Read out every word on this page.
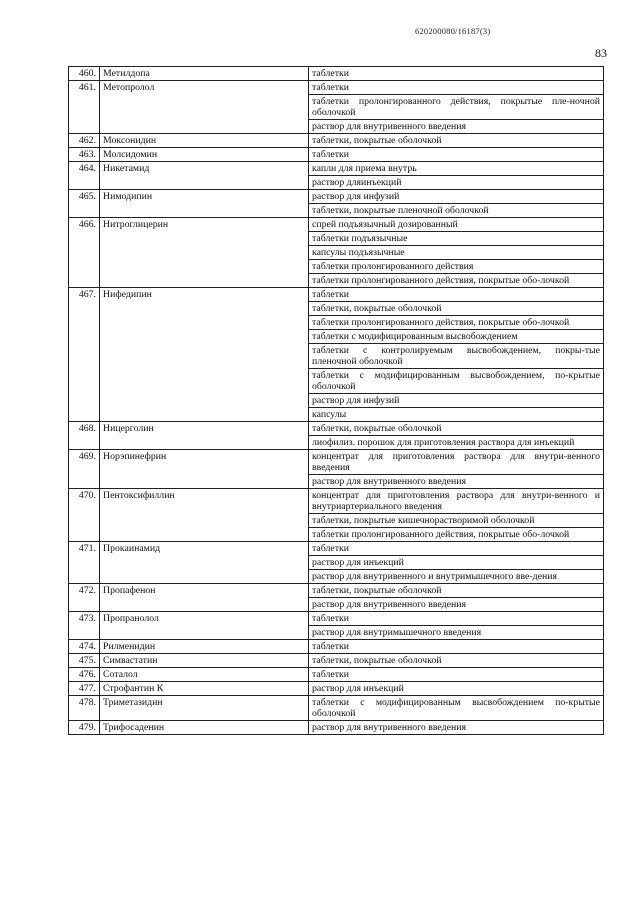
620200080/16187(3)
83
460.	Метилдопа	таблетки
461.	Метопролол	таблетки
		таблетки пролонгированного действия, покрытые пле-ночной оболочкой
		раствор для внутривенного введения
462.	Моксонидин	таблетки, покрытые оболочкой
463.	Молсидомин	таблетки
464.	Никетамид	капли для приема внутрь
		раствор дляинъекций
465.	Нимодипин	раствор для инфузий
		таблетки, покрытые пленочной оболочкой
466.	Нитроглицерин	спрей подъязычный дозированный
		таблетки подъязычные
		капсулы подъязычные
		таблетки пролонгированного действия
		таблетки пролонгированного действия, покрытые обо-лочкой
467.	Нифедипин	таблетки
		таблетки, покрытые оболочкой
		таблетки пролонгированного действия, покрытые обо-лочкой
		таблетки с модифицированным высвобождением
		таблетки с контролируемым высвобождением, покры-тые пленочной оболочкой
		таблетки с модифицированным высвобождением, по-крытые оболочкой
		раствор для инфузий
		капсулы
468.	Ницерголин	таблетки, покрытые оболочкой
		лиофилиз. порошок для приготовления раствора для инъекций
469.	Норэпинефрин	концентрат для приготовления раствора для внутри-венного введения
		раствор для внутривенного введения
470.	Пентоксифиллин	концентрат для приготовления раствора для внутри-венного и внутриартериального введения
		таблетки, покрытые кишечнорастворимой оболочкой
		таблетки пролонгированного действия, покрытые обо-лочкой
471.	Прокаинамид	таблетки
		раствор для инъекций
		раствор для внутривенного и внутримышечного вве-дения
472.	Пропафенон	таблетки, покрытые оболочкой
		раствор для внутривенного введения
473.	Пропранолол	таблетки
		раствор для внутримышечного введения
474.	Рилменидин	таблетки
475.	Симвастатин	таблетки, покрытые оболочкой
476.	Соталол	таблетки
477.	Строфантин К	раствор для инъекций
478.	Триметазидин	таблетки с модифицированным высвобождением по-крытые оболочкой
479.	Трифосаденин	раствор для внутривенного введения
